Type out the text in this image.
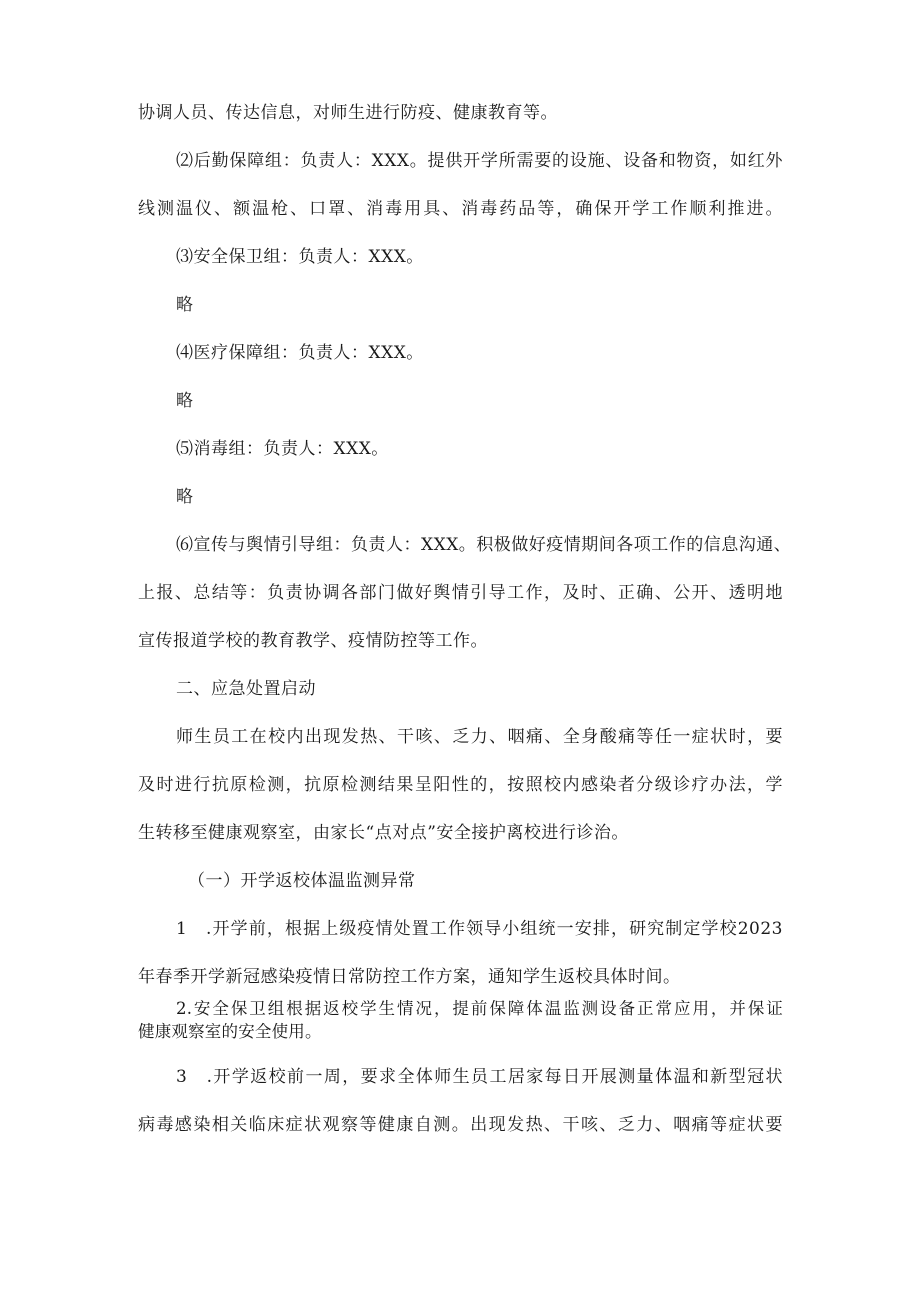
协调人员、传达信息，对师生进行防疫、健康教育等。
⑵后勤保障组：负责人：XXX。提供开学所需要的设施、设备和物资，如红外
线测温仪、额温枪、口罩、消毒用具、消毒药品等，确保开学工作顺利推进。
⑶安全保卫组：负责人：XXX。
略
⑷医疗保障组：负责人：XXX。
略
⑸消毒组：负责人：XXX。
略
⑹宣传与舆情引导组：负责人：XXX。积极做好疫情期间各项工作的信息沟通、
上报、总结等：负责协调各部门做好舆情引导工作，及时、正确、公开、透明地
宣传报道学校的教育教学、疫情防控等工作。
二、应急处置启动
师生员工在校内出现发热、干咳、乏力、咽痛、全身酸痛等任一症状时，要
及时进行抗原检测，抗原检测结果呈阳性的，按照校内感染者分级诊疗办法，学
生转移至健康观察室，由家长“点对点”安全接护离校进行诊治。
（一）开学返校体温监测异常
1　.开学前，根据上级疫情处置工作领导小组统一安排，研究制定学校2023
年春季开学新冠感染疫情日常防控工作方案，通知学生返校具体时间。
2.安全保卫组根据返校学生情况，提前保障体温监测设备正常应用，并保证
健康观察室的安全使用。
3　.开学返校前一周，要求全体师生员工居家每日开展测量体温和新型冠状
病毒感染相关临床症状观察等健康自测。出现发热、干咳、乏力、咽痛等症状要
